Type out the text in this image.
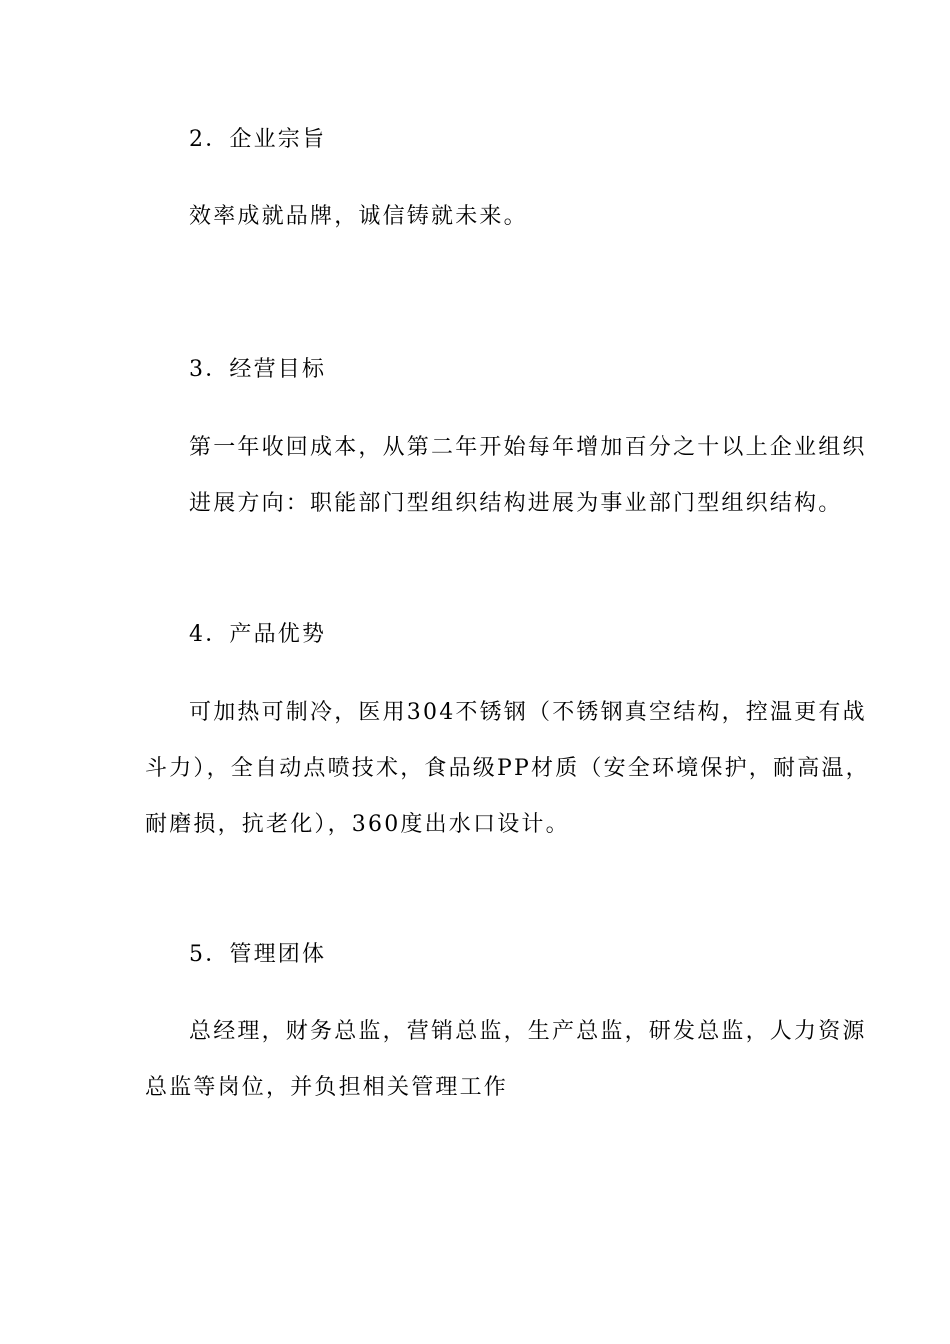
2．企业宗旨
效率成就品牌，诚信铸就未来。
3．经营目标
第一年收回成本，从第二年开始每年增加百分之十以上企业组织
进展方向：职能部门型组织结构进展为事业部门型组织结构。
4．产品优势
可加热可制冷，医用304不锈钢（不锈钢真空结构，控温更有战
斗力），全自动点喷技术，食品级PP材质（安全环境保护，耐高温，
耐磨损，抗老化），360度出水口设计。
5．管理团体
总经理，财务总监，营销总监，生产总监，研发总监，人力资源
总监等岗位，并负担相关管理工作
